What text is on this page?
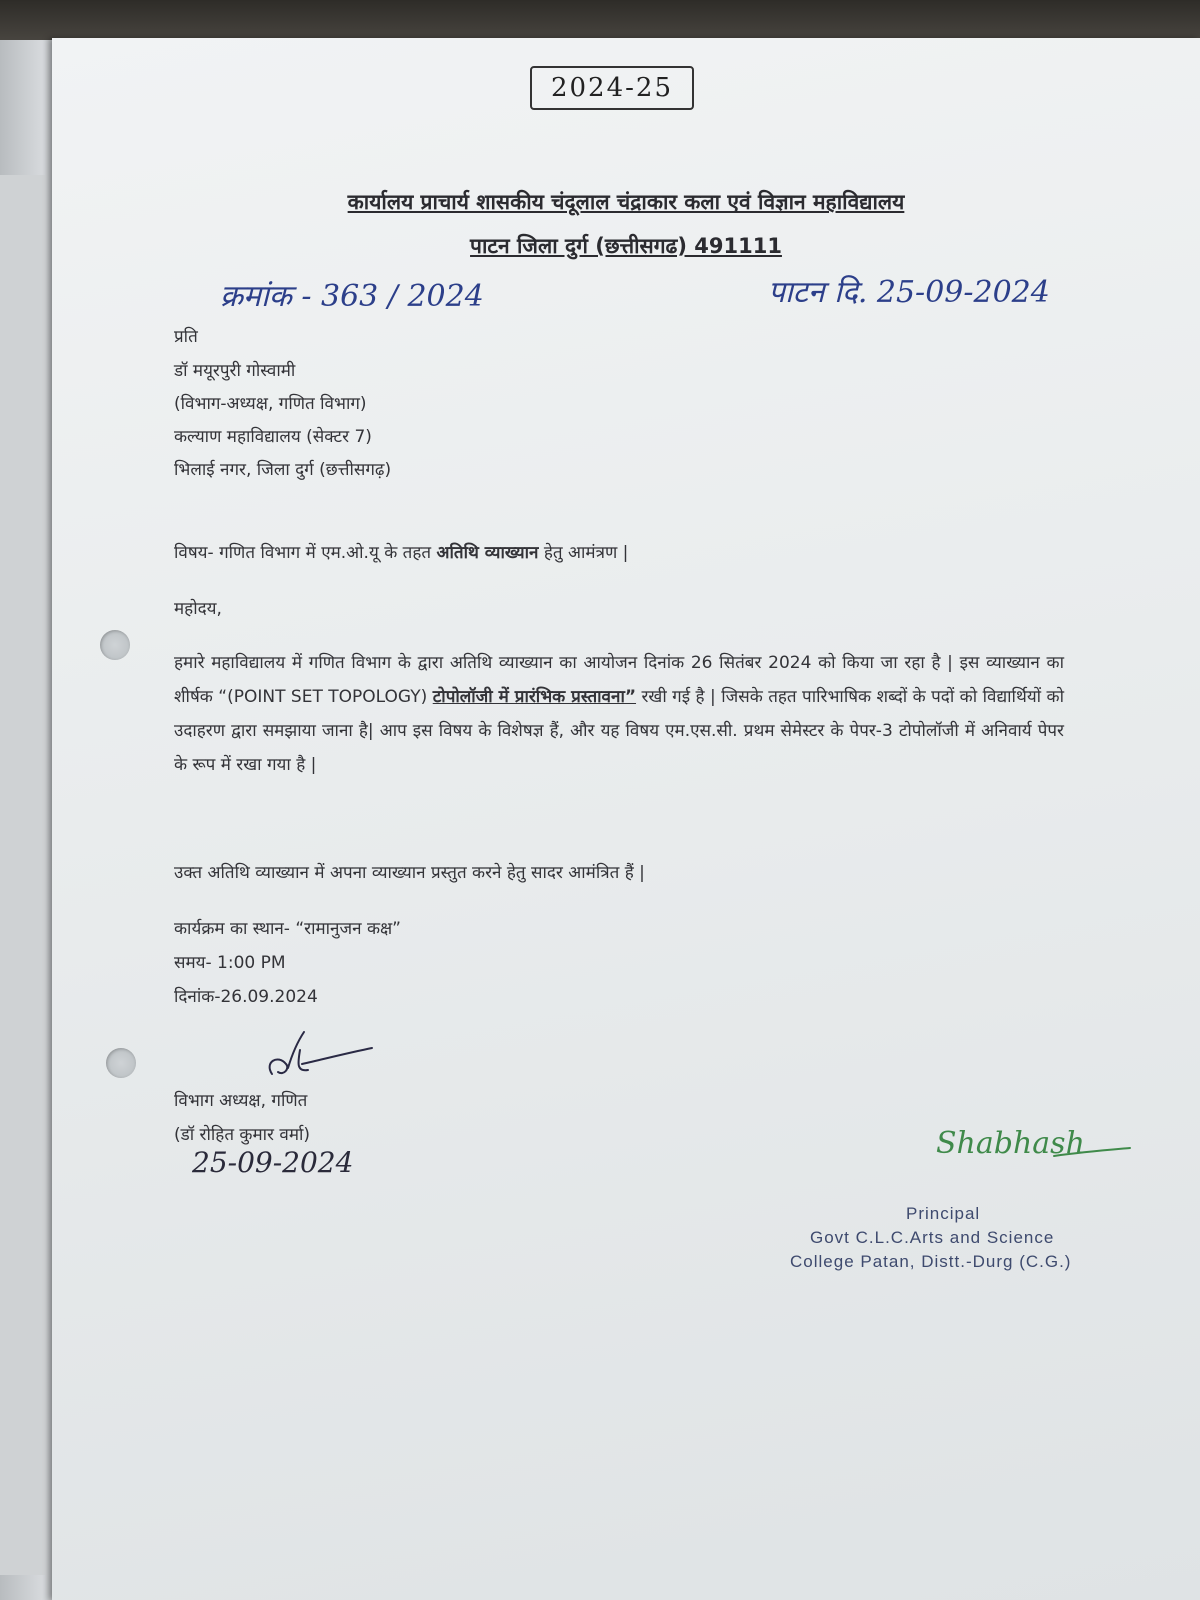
2024-25
कार्यालय प्राचार्य शासकीय चंदूलाल चंद्राकार कला एवं विज्ञान महाविद्यालय
पाटन जिला दुर्ग (छत्तीसगढ) 491111
क्रमांक - 363 / 2024	पाटन दि. 25-09-2024
प्रति
डॉ मयूरपुरी गोस्वामी
(विभाग-अध्यक्ष, गणित विभाग)
कल्याण महाविद्यालय (सेक्टर 7)
भिलाई नगर, जिला दुर्ग (छत्तीसगढ़)
विषय- गणित विभाग में एम.ओ.यू के तहत अतिथि व्याख्यान हेतु आमंत्रण |
महोदय,
हमारे महाविद्यालय में गणित विभाग के द्वारा अतिथि व्याख्यान का आयोजन दिनांक 26 सितंबर 2024 को किया जा रहा है | इस व्याख्यान का शीर्षक “(POINT SET TOPOLOGY) टोपोलॉजी में प्रारंभिक प्रस्तावना” रखी गई है | जिसके तहत पारिभाषिक शब्दों के पदों को विद्यार्थियों को उदाहरण द्वारा समझाया जाना है| आप इस विषय के विशेषज्ञ हैं, और यह विषय एम.एस.सी. प्रथम सेमेस्टर के पेपर-3 टोपोलॉजी में अनिवार्य पेपर के रूप में रखा गया है |
उक्त अतिथि व्याख्यान में अपना व्याख्यान प्रस्तुत करने हेतु सादर आमंत्रित हैं |
कार्यक्रम का स्थान- “रामानुजन कक्ष”
समय- 1:00 PM
दिनांक-26.09.2024
विभाग अध्यक्ष, गणित
(डॉ रोहित कुमार वर्मा)
25-09-2024
Shabhash
Principal
Govt C.L.C.Arts and Science
College Patan, Distt.-Durg (C.G.)
